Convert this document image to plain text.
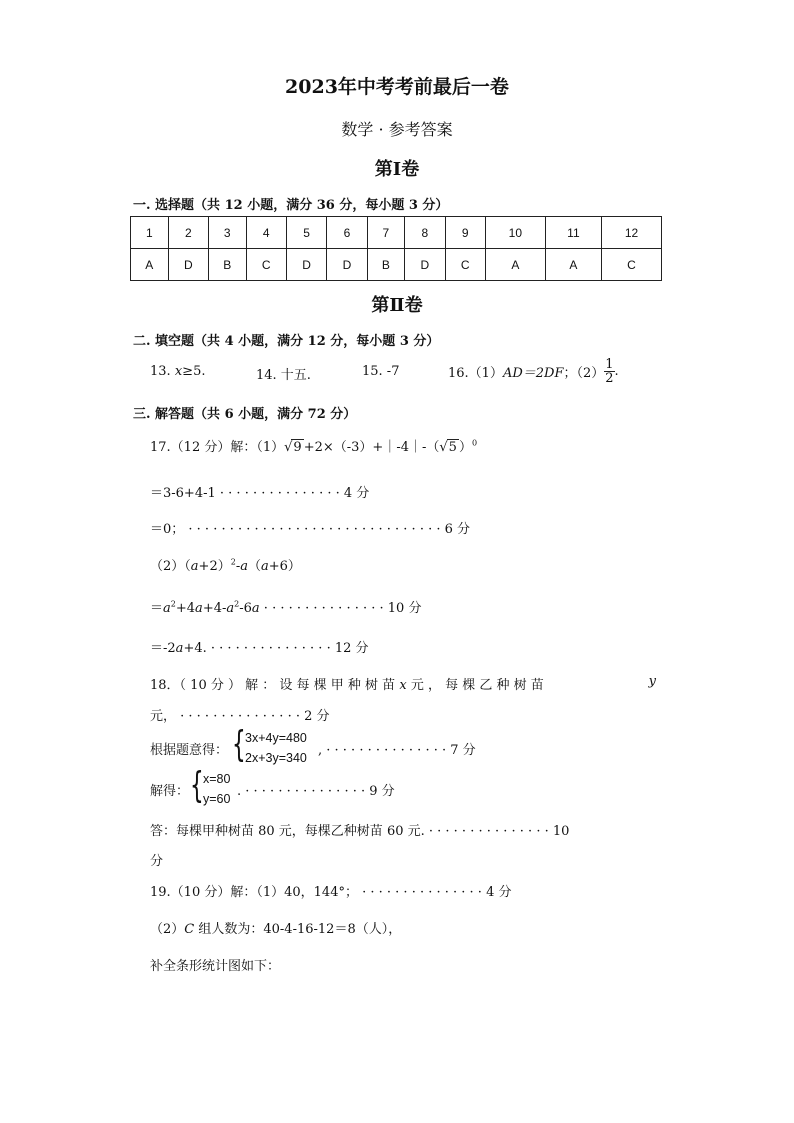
2023年中考考前最后一卷
数学 · 参考答案
第Ⅰ卷
一. 选择题（共 12 小题，满分 36 分，每小题 3 分）
1	2	3	4	5	6	7	8	9	10	11	12
A	D	B	C	D	D	B	D	C	A	A	C
第Ⅱ卷
二. 填空题（共 4 小题，满分 12 分，每小题 3 分）
13. x≥5.	14. 十五.	15. -7	16.（1）AD＝2DF；$(2) \frac{1}{2}$ .
三. 解答题（共 6 小题，满分 72 分）
17.（12 分）解：（1）√9 +2×（-3）+｜-4｜-（√5 ）$^0$
＝3-6+4-1 · · · · · · · · · · · · · · · 4 分
＝0； · · · · · · · · · · · · · · · · · · · · · · · · · · · · · · · 6 分
$(2)(a+2)^2-a(a+6)$
$=a^2+4a+4-a^2-6a$ · · · · · · · · · · · · · · · 10 分
＝-2a+4. · · · · · · · · · · · · · · · 12 分
18．（ 10 分 ） 解 ： 设 每 棵 甲 种 树 苗 x 元 ， 每 棵 乙 种 树 苗	y
元， · · · · · · · · · · · · · · · 2 分
根据题意得： { 3x+4y=480
2x+3y=340 , · · · · · · · · · · · · · · · 7 分
解得： { x=80
y=60 . · · · · · · · · · · · · · · · 9 分
答：每棵甲种树苗 80 元，每棵乙种树苗 60 元. · · · · · · · · · · · · · · · 10
分
19.（10 分）解：（1）40，144°； · · · · · · · · · · · · · · · 4 分
（2）C 组人数为：40-4-16-12＝8（人），
补全条形统计图如下：
